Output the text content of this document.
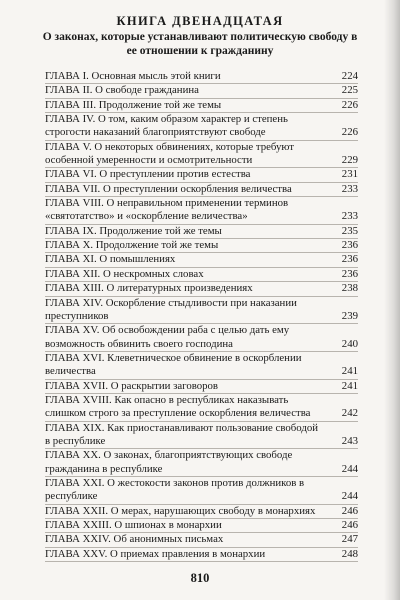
КНИГА ДВЕНАДЦАТАЯ
О законах, которые устанавливают политическую свободу в ее отношении к гражданину
ГЛАВА I. Основная мысль этой книги	224
ГЛАВА II. О свободе гражданина	225
ГЛАВА III. Продолжение той же темы	226
ГЛАВА IV. О том, каким образом характер и степень строгости наказаний благоприятствуют свободе	226
ГЛАВА V. О некоторых обвинениях, которые требуют особенной умеренности и осмотрительности	229
ГЛАВА VI. О преступлении против естества	231
ГЛАВА VII. О преступлении оскорбления величества	233
ГЛАВА VIII. О неправильном применении терминов «святотатство» и «оскорбление величества»	233
ГЛАВА IX. Продолжение той же темы	235
ГЛАВА X. Продолжение той же темы	236
ГЛАВА XI. О помышлениях	236
ГЛАВА XII. О нескромных словах	236
ГЛАВА XIII. О литературных произведениях	238
ГЛАВА XIV. Оскорбление стыдливости при наказании преступников	239
ГЛАВА XV. Об освобождении раба с целью дать ему возможность обвинить своего господина	240
ГЛАВА XVI. Клеветническое обвинение в оскорблении величества	241
ГЛАВА XVII. О раскрытии заговоров	241
ГЛАВА XVIII. Как опасно в республиках наказывать слишком строго за преступление оскорбления величества	242
ГЛАВА XIX. Как приостанавливают пользование свободой в республике	243
ГЛАВА XX. О законах, благоприятствующих свободе гражданина в республике	244
ГЛАВА XXI. О жестокости законов против должников в республике	244
ГЛАВА XXII. О мерах, нарушающих свободу в монархиях	246
ГЛАВА XXIII. О шпионах в монархии	246
ГЛАВА XXIV. Об анонимных письмах	247
ГЛАВА XXV. О приемах правления в монархии	248
810
